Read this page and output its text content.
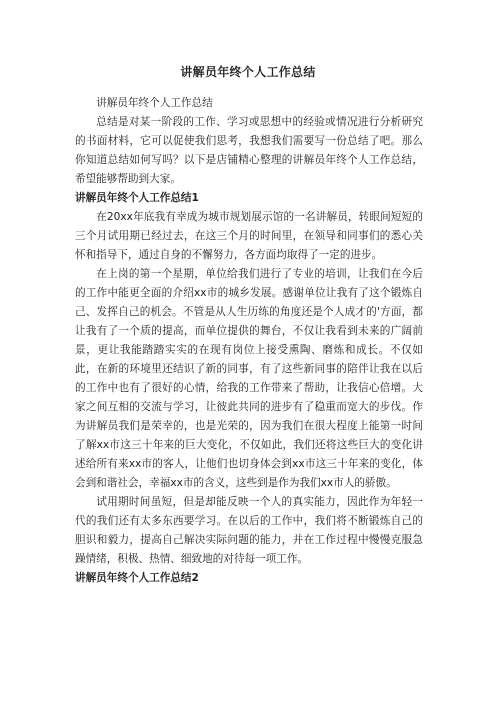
讲解员年终个人工作总结

讲解员年终个人工作总结

总结是对某一阶段的工作、学习或思想中的经验或情况进行分析研究的书面材料，它可以促使我们思考，我想我们需要写一份总结了吧。那么你知道总结如何写吗？以下是店铺精心整理的讲解员年终个人工作总结，希望能够帮助到大家。

讲解员年终个人工作总结1

在20xx年底我有幸成为城市规划展示馆的一名讲解员，转眼间短短的三个月试用期已经过去，在这三个月的时间里，在领导和同事们的悉心关怀和指导下，通过自身的不懈努力，各方面均取得了一定的进步。

在上岗的第一个星期，单位给我们进行了专业的培训，让我们在今后的工作中能更全面的介绍xx市的城乡发展。感谢单位让我有了这个锻炼自己、发挥自己的机会。不管是从人生历练的角度还是个人成才的'方面，都让我有了一个质的提高，而单位提供的舞台，不仅让我看到未来的广阔前景，更让我能踏踏实实的在现有岗位上接受熏陶、磨炼和成长。不仅如此，在新的环境里还结识了新的同事，有了这些新同事的陪伴让我在以后的工作中也有了很好的心情，给我的工作带来了帮助，让我信心倍增。大家之间互相的交流与学习，让彼此共同的进步有了稳重而宽大的步伐。作为讲解员我们是荣幸的，也是光荣的，因为我们在很大程度上能第一时间了解xx市这三十年来的巨大变化，不仅如此，我们还将这些巨大的变化讲述给所有来xx市的客人，让他们也切身体会到xx市这三十年来的变化，体会到和谐社会，幸福xx市的含义，这些到是作为我们xx市人的骄傲。

试用期时间虽短，但是却能反映一个人的真实能力，因此作为年轻一代的我们还有太多东西要学习。在以后的工作中，我们将不断锻炼自己的胆识和毅力，提高自己解决实际问题的能力，并在工作过程中慢慢克服急躁情绪，积极、热情、细致地的对待每一项工作。

讲解员年终个人工作总结2
